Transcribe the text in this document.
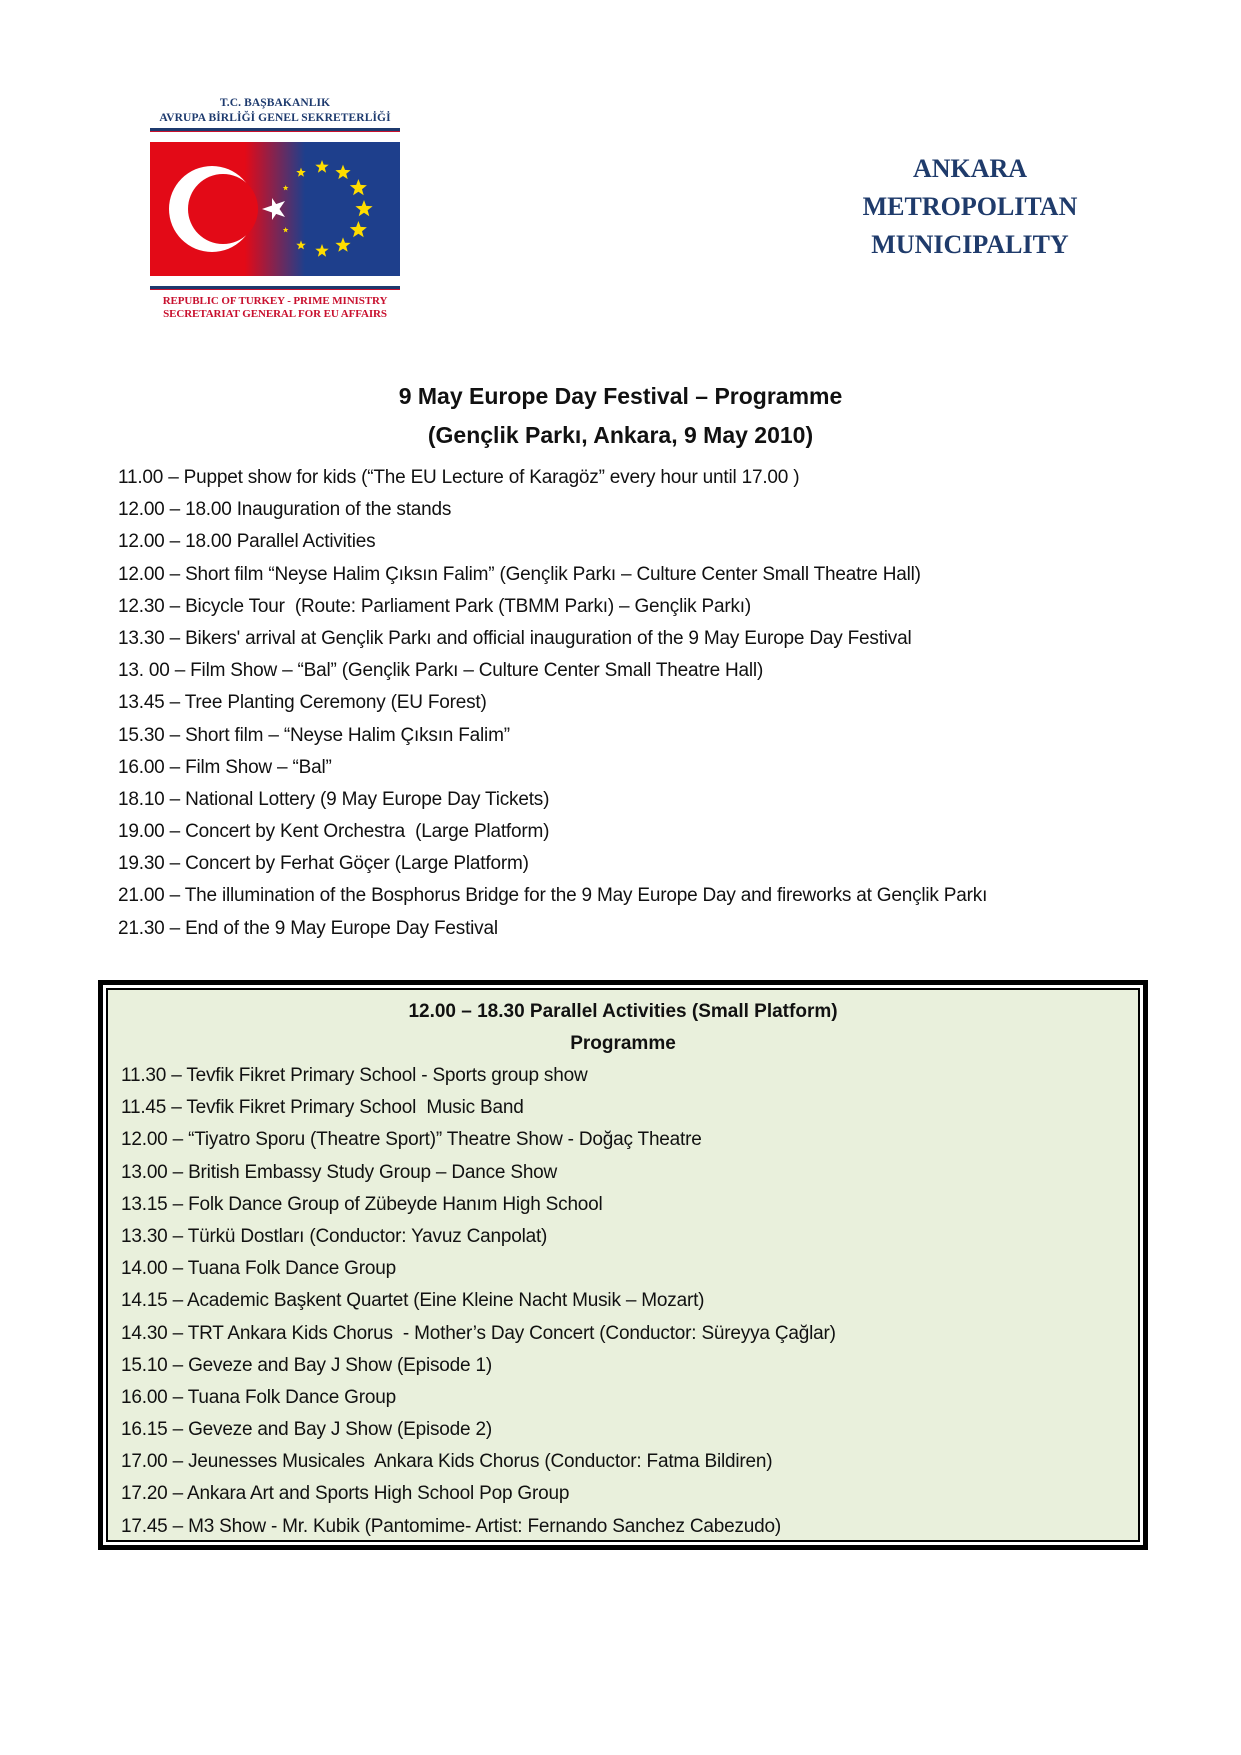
T.C. BAŞBAKANLIK
AVRUPA BİRLİĞİ GENEL SEKRETERLİĞİ
REPUBLIC OF TURKEY - PRIME MINISTRY
SECRETARIAT GENERAL FOR EU AFFAIRS
ANKARA
METROPOLITAN
MUNICIPALITY
9 May Europe Day Festival – Programme
(Gençlik Parkı, Ankara, 9 May 2010)
11.00 – Puppet show for kids (“The EU Lecture of Karagöz” every hour until 17.00 )
12.00 – 18.00 Inauguration of the stands
12.00 – 18.00 Parallel Activities
12.00 – Short film “Neyse Halim Çıksın Falim” (Gençlik Parkı – Culture Center Small Theatre Hall)
12.30 – Bicycle Tour  (Route: Parliament Park (TBMM Parkı) – Gençlik Parkı)
13.30 – Bikers' arrival at Gençlik Parkı and official inauguration of the 9 May Europe Day Festival
13. 00 – Film Show – “Bal” (Gençlik Parkı – Culture Center Small Theatre Hall)
13.45 – Tree Planting Ceremony (EU Forest)
15.30 – Short film – “Neyse Halim Çıksın Falim”
16.00 – Film Show – “Bal”
18.10 – National Lottery (9 May Europe Day Tickets)
19.00 – Concert by Kent Orchestra  (Large Platform)
19.30 – Concert by Ferhat Göçer (Large Platform)
21.00 – The illumination of the Bosphorus Bridge for the 9 May Europe Day and fireworks at Gençlik Parkı
21.30 – End of the 9 May Europe Day Festival
12.00 – 18.30 Parallel Activities (Small Platform)
Programme
11.30 – Tevfik Fikret Primary School - Sports group show
11.45 – Tevfik Fikret Primary School  Music Band
12.00 – “Tiyatro Sporu (Theatre Sport)” Theatre Show - Doğaç Theatre
13.00 – British Embassy Study Group – Dance Show
13.15 – Folk Dance Group of Zübeyde Hanım High School
13.30 – Türkü Dostları (Conductor: Yavuz Canpolat)
14.00 – Tuana Folk Dance Group
14.15 – Academic Başkent Quartet (Eine Kleine Nacht Musik – Mozart)
14.30 – TRT Ankara Kids Chorus  - Mother’s Day Concert (Conductor: Süreyya Çağlar)
15.10 – Geveze and Bay J Show (Episode 1)
16.00 – Tuana Folk Dance Group
16.15 – Geveze and Bay J Show (Episode 2)
17.00 – Jeunesses Musicales  Ankara Kids Chorus (Conductor: Fatma Bildiren)
17.20 – Ankara Art and Sports High School Pop Group
17.45 – M3 Show - Mr. Kubik (Pantomime- Artist: Fernando Sanchez Cabezudo)
